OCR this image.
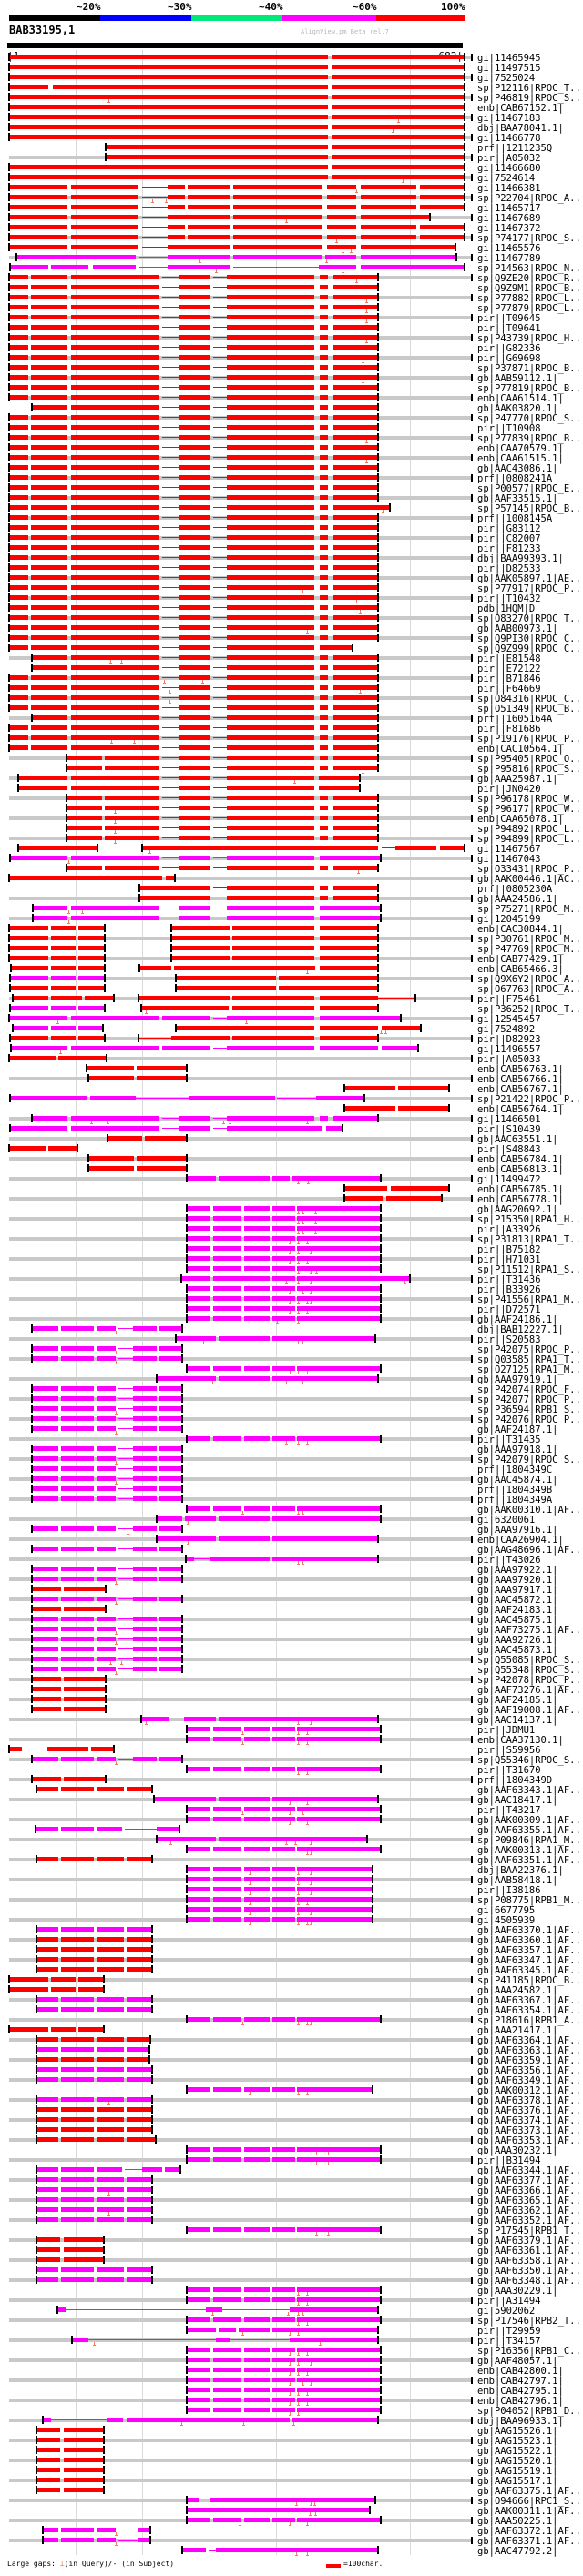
~20%	~30%	~40%	~60%	100%
BAB33195,1	AlignView.pm Beta rel.7
gi|11465945
gi|11497515
gi|7525024
sp|P12116|RPOC_T..
sp|P46819|RPOC_S..
emb|CAB67152.1|
gi|11467183
dbj|BAA78041.1|
gi|11466778
prf||1211235Q
pir||A05032
gi|11466680
gi|7524614
gi|11466381
sp|P22704|RPOC_A..
gi|11465717
gi|11467689
gi|11467372
sp|P74177|RPOC_S..
gi|11465576
gi|11467789
sp|P14563|RPOC_N..
sp|Q9ZE20|RPOC_R..
sp|Q9Z9M1|RPOC_B..
sp|P77882|RPOC_L..
sp|P77879|RPOC_L..
pir||T09645
pir||T09641
sp|P43739|RPOC_H..
pir||G82336
pir||G69698
sp|P37871|RPOC_B..
gb|AAB59112.1|
sp|P77819|RPOC_B..
emb|CAA61514.1|
gb|AAK03820.1|
sp|P47770|RPOC_S..
pir||T10908
sp|P77839|RPOC_B..
emb|CAA70579.1|
emb|CAA61515.1|
gb|AAC43086.1|
prf||0808241A
sp|P00577|RPOC_E..
gb|AAF33515.1|
sp|P57145|RPOC_B..
prf||1008145A
pir||G83112
pir||C82007
pir||F81233
dbj|BAA99393.1|
pir||D82533
gb|AAK05897.1|AE..
sp|P77917|RPOC_P..
pir||T10432
pdb|1HQM|D
sp|O83270|RPOC_T..
gb|AAB00973.1|
sp|Q9PI30|RPOC_C..
sp|Q9Z999|RPOC_C..
pir||E81548
pir||E72122
pir||B71846
pir||F64669
sp|O84316|RPOC_C..
sp|O51349|RPOC_B..
prf||1605164A
pir||F81686
sp|P19176|RPOC_P..
emb|CAC10564.1|
sp|P95405|RPOC_O..
sp|P95816|RPOC_S..
gb|AAA25987.1|
pir||JN0420
sp|P96178|RPOC_W..
sp|P96177|RPOC_W..
emb|CAA65078.1|
sp|P94892|RPOC_L..
sp|P94899|RPOC_L..
gi|11467567
gi|11467043
sp|O33431|RPOC_P..
gb|AAK00446.1|AC..
prf||0805230A
gb|AAA24586.1|
sp|P75271|RPOC_M..
gi|12045199
emb|CAC30844.1|
sp|P30761|RPOC_M..
sp|P47769|RPOC_M..
emb|CAB77429.1|
emb|CAB65466.3|
sp|Q9X6Y2|RPOC_A..
sp|O67763|RPOC_A..
pir||F75461
sp|P36252|RPOC_T..
gi|12545457
gi|7524892
pir||D82923
gi|11496557
pir||A05033
emb|CAB56763.1|
emb|CAB56766.1|
emb|CAB56767.1|
sp|P21422|RPOC_P..
emb|CAB56764.1|
gi|11466501
pir||S10439
gb|AAC63551.1|
pir||S48843
emb|CAB56784.1|
emb|CAB56813.1|
gi|11499472
emb|CAB56785.1|
emb|CAB56778.1|
gb|AAG20692.1|
sp|P15350|RPA1_H..
pir||A33926
sp|P31813|RPA1_T..
pir||B75182
pir||H71031
sp|P11512|RPA1_S..
pir||T31436
pir||B33926
sp|P41556|RPA1_M..
pir||D72571
gb|AAF24186.1|
dbj|BAB12227.1|
pir||S20583
sp|P42075|RPOC_P..
sp|Q03585|RPA1_T..
sp|O27125|RPA1_M..
gb|AAA97919.1|
sp|P42074|RPOC_F..
sp|P42077|RPOC_P..
sp|P36594|RPB1_S..
sp|P42076|RPOC_P..
gb|AAF24187.1|
pir||T31435
gb|AAA97918.1|
sp|P42079|RPOC_S..
prf||1804349C
gb|AAC45874.1|
prf||1804349B
prf||1804349A
gb|AAK00310.1|AF..
gi|6320061
gb|AAA97916.1|
emb|CAA26904.1|
gb|AAG48696.1|AF..
pir||T43026
gb|AAA97922.1|
gb|AAA97920.1|
gb|AAA97917.1|
gb|AAC45872.1|
gb|AAF24183.1|
gb|AAC45875.1|
gb|AAF73275.1|AF..
gb|AAA92726.1|
gb|AAC45873.1|
sp|Q55085|RPOC_S..
sp|Q55348|RPOC_S..
sp|P42078|RPOC_P..
gb|AAF73276.1|AF..
gb|AAF24185.1|
gb|AAF19008.1|AF..
gb|AAC14137.1|
pir||JDMU1
emb|CAA37130.1|
pir||S59956
sp|Q55346|RPOC_S..
pir||T31670
prf||1804349D
gb|AAF63343.1|AF..
gb|AAC18417.1|
pir||T43217
gb|AAK00309.1|AF..
gb|AAF63355.1|AF..
sp|P09846|RPA1_M..
gb|AAK00313.1|AF..
gb|AAF63351.1|AF..
dbj|BAA22376.1|
gb|AAB58418.1|
pir||I38186
sp|P08775|RPB1_M..
gi|6677795
gi|4505939
gb|AAF63370.1|AF..
gb|AAF63360.1|AF..
gb|AAF63357.1|AF..
gb|AAF63347.1|AF..
gb|AAF63345.1|AF..
sp|P41185|RPOC_B..
gb|AAA24582.1|
gb|AAF63367.1|AF..
gb|AAF63354.1|AF..
sp|P18616|RPB1_A..
gb|AAA21417.1|
gb|AAF63364.1|AF..
gb|AAF63363.1|AF..
gb|AAF63359.1|AF..
gb|AAF63356.1|AF..
gb|AAF63349.1|AF..
gb|AAK00312.1|AF..
gb|AAF63378.1|AF..
gb|AAF63376.1|AF..
gb|AAF63374.1|AF..
gb|AAF63373.1|AF..
gb|AAF63353.1|AF..
gb|AAA30232.1|
pir||B31494
gb|AAF63344.1|AF..
gb|AAF63377.1|AF..
gb|AAF63366.1|AF..
gb|AAF63365.1|AF..
gb|AAF63362.1|AF..
gb|AAF63352.1|AF..
sp|P17545|RPB1_T..
gb|AAF63379.1|AF..
gb|AAF63361.1|AF..
gb|AAF63358.1|AF..
gb|AAF63350.1|AF..
gb|AAF63348.1|AF..
gb|AAA30229.1|
pir||A31494
gi|5902062
sp|P17546|RPB2_T..
pir||T29959
pir||T34157
sp|P16356|RPB1_C..
gb|AAF48057.1|
emb|CAB42800.1|
emb|CAB42797.1|
emb|CAB42795.1|
emb|CAB42796.1|
sp|P04052|RPB1_D..
dbj|BAA96933.1|
gb|AAG15526.1|
gb|AAG15523.1|
gb|AAG15522.1|
gb|AAG15520.1|
gb|AAG15519.1|
gb|AAG15517.1|
gb|AAF63375.1|AF..
sp|O94666|RPC1_S..
gb|AAK00311.1|AF..
gb|AAA50225.1|
gb|AAF63372.1|AF..
gb|AAF63371.1|AF..
gb|AAC47792.2|
Large gaps: ⊥(in Query)/- (in Subject)	=100char.
